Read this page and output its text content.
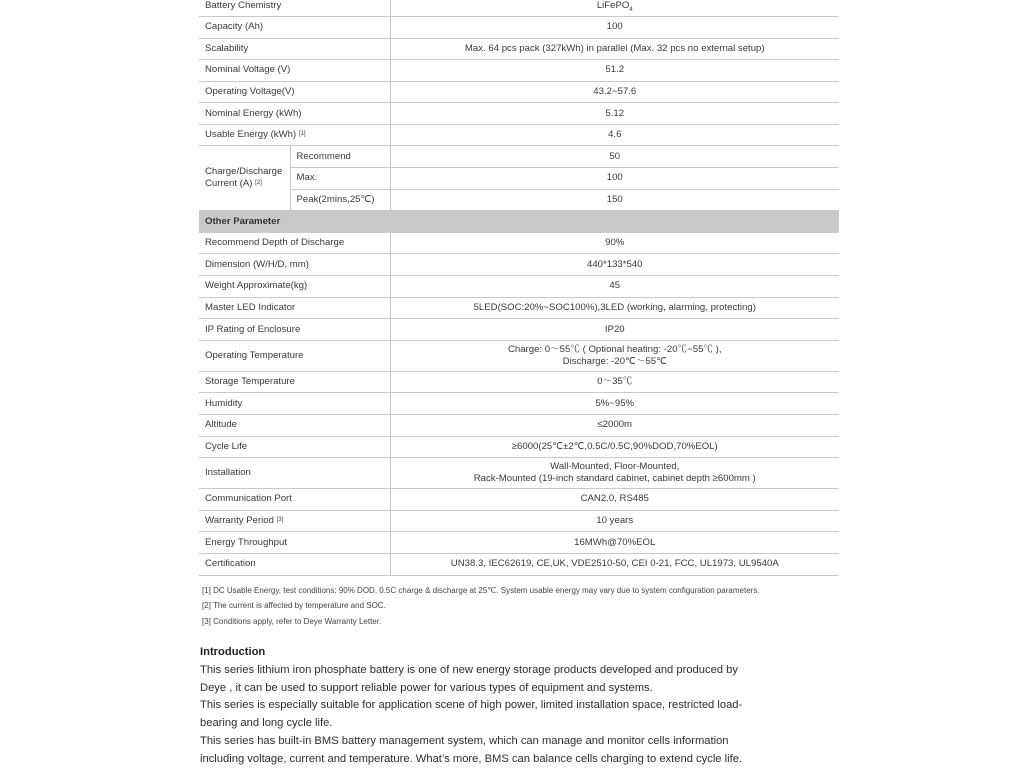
Battery Chemistry		LiFePO$_4$
Capacity (Ah)		100
Scalability		Max. 64 pcs pack (327kWh) in parallel (Max. 32 pcs no external setup)
Nominal Voltage (V)		51.2
Operating Voltage(V)		43.2~57.6
Nominal Energy (kWh)		5.12
Usable Energy (kWh) [1]		4.6
Charge/Discharge Current (A) [2]	Recommend	50
	Max.	100
	Peak(2mins,25℃)	150
Other Parameter		
Recommend Depth of Discharge		90%
Dimension (W/H/D, mm)		440*133*540
Weight Approximate(kg)		45
Master LED Indicator		5LED(SOC:20%~SOC100%),3LED (working, alarming, protecting)
IP Rating of Enclosure		IP20
Operating Temperature		Charge: 0～55℃ ( Optional heating: -20℃~55℃ ),
Discharge: -20℃～55℃

Storage Temperature		0～35℃
Humidity		5%~95%
Altitude		≤2000m
Cycle Life		≥6000(25℃±2℃,0.5C/0.5C,90%DOD,70%EOL)
Installation		Wall-Mounted, Floor-Mounted,
Rack-Mounted (19-inch standard cabinet, cabinet depth ≥600mm )

Communication Port		CAN2.0, RS485
Warranty Period [3]		10 years
Energy Throughput		16MWh@70%EOL
Certification		UN38.3, IEC62619, CE,UK, VDE2510-50, CEI 0-21, FCC, UL1973, UL9540A
[1] DC Usable Energy, test conditions: 90% DOD, 0.5C charge & discharge at 25℃. System usable energy may vary due to system configuration parameters.
[2] The current is affected by temperature and SOC.
[3] Conditions apply, refer to Deye Warranty Letter.
Introduction
This series lithium iron phosphate battery is one of new energy storage products developed and produced by
Deye , it can be used to support reliable power for various types of equipment and systems.
This series is especially suitable for application scene of high power, limited installation space, restricted load-
bearing and long cycle life.
This series has built-in BMS battery management system, which can manage and monitor cells information
including voltage, current and temperature. What’s more, BMS can balance cells charging to extend cycle life.
